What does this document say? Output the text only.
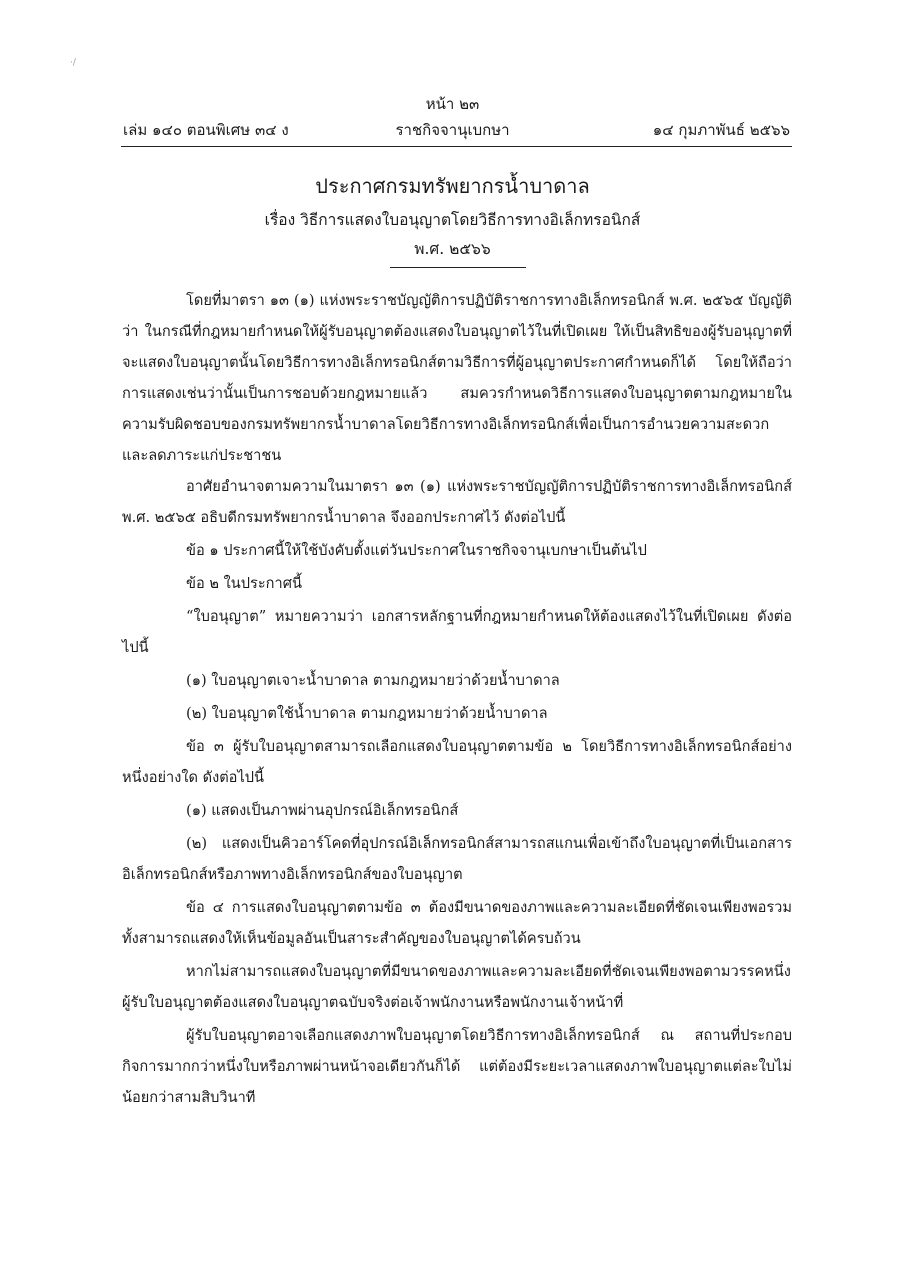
·/
หน้า ๒๓
เล่ม ๑๔๐ ตอนพิเศษ ๓๔ ง	ราชกิจจานุเบกษา	๑๔ กุมภาพันธ์ ๒๕๖๖
ประกาศกรมทรัพยากรน้ำบาดาล
เรื่อง วิธีการแสดงใบอนุญาตโดยวิธีการทางอิเล็กทรอนิกส์
พ.ศ. ๒๕๖๖

โดยที่มาตรา ๑๓ (๑) แห่งพระราชบัญญัติการปฏิบัติราชการทางอิเล็กทรอนิกส์ พ.ศ. ๒๕๖๕ บัญญัติว่า ในกรณีที่กฎหมายกำหนดให้ผู้รับอนุญาตต้องแสดงใบอนุญาตไว้ในที่เปิดเผย ให้เป็นสิทธิของผู้รับอนุญาตที่จะแสดงใบอนุญาตนั้นโดยวิธีการทางอิเล็กทรอนิกส์ตามวิธีการที่ผู้อนุญาตประกาศกำหนดก็ได้ โดยให้ถือว่าการแสดงเช่นว่านั้นเป็นการชอบด้วยกฎหมายแล้ว สมควรกำหนดวิธีการแสดงใบอนุญาตตามกฎหมายในความรับผิดชอบของกรมทรัพยากรน้ำบาดาลโดยวิธีการทางอิเล็กทรอนิกส์เพื่อเป็นการอำนวยความสะดวกและลดภาระแก่ประชาชน

อาศัยอำนาจตามความในมาตรา ๑๓ (๑) แห่งพระราชบัญญัติการปฏิบัติราชการทางอิเล็กทรอนิกส์ พ.ศ. ๒๕๖๕ อธิบดีกรมทรัพยากรน้ำบาดาล จึงออกประกาศไว้ ดังต่อไปนี้

ข้อ ๑ ประกาศนี้ให้ใช้บังคับตั้งแต่วันประกาศในราชกิจจานุเบกษาเป็นต้นไป

ข้อ ๒ ในประกาศนี้

“ใบอนุญาต” หมายความว่า เอกสารหลักฐานที่กฎหมายกำหนดให้ต้องแสดงไว้ในที่เปิดเผย ดังต่อไปนี้

(๑) ใบอนุญาตเจาะน้ำบาดาล ตามกฎหมายว่าด้วยน้ำบาดาล

(๒) ใบอนุญาตใช้น้ำบาดาล ตามกฎหมายว่าด้วยน้ำบาดาล

ข้อ ๓ ผู้รับใบอนุญาตสามารถเลือกแสดงใบอนุญาตตามข้อ ๒ โดยวิธีการทางอิเล็กทรอนิกส์อย่างหนึ่งอย่างใด ดังต่อไปนี้

(๑) แสดงเป็นภาพผ่านอุปกรณ์อิเล็กทรอนิกส์

(๒) แสดงเป็นคิวอาร์โคดที่อุปกรณ์อิเล็กทรอนิกส์สามารถสแกนเพื่อเข้าถึงใบอนุญาตที่เป็นเอกสารอิเล็กทรอนิกส์หรือภาพทางอิเล็กทรอนิกส์ของใบอนุญาต

ข้อ ๔ การแสดงใบอนุญาตตามข้อ ๓ ต้องมีขนาดของภาพและความละเอียดที่ชัดเจนเพียงพอรวมทั้งสามารถแสดงให้เห็นข้อมูลอันเป็นสาระสำคัญของใบอนุญาตได้ครบถ้วน

หากไม่สามารถแสดงใบอนุญาตที่มีขนาดของภาพและความละเอียดที่ชัดเจนเพียงพอตามวรรคหนึ่งผู้รับใบอนุญาตต้องแสดงใบอนุญาตฉบับจริงต่อเจ้าพนักงานหรือพนักงานเจ้าหน้าที่

ผู้รับใบอนุญาตอาจเลือกแสดงภาพใบอนุญาตโดยวิธีการทางอิเล็กทรอนิกส์ ณ สถานที่ประกอบกิจการมากกว่าหนึ่งใบหรือภาพผ่านหน้าจอเดียวกันก็ได้ แต่ต้องมีระยะเวลาแสดงภาพใบอนุญาตแต่ละใบไม่น้อยกว่าสามสิบวินาที
